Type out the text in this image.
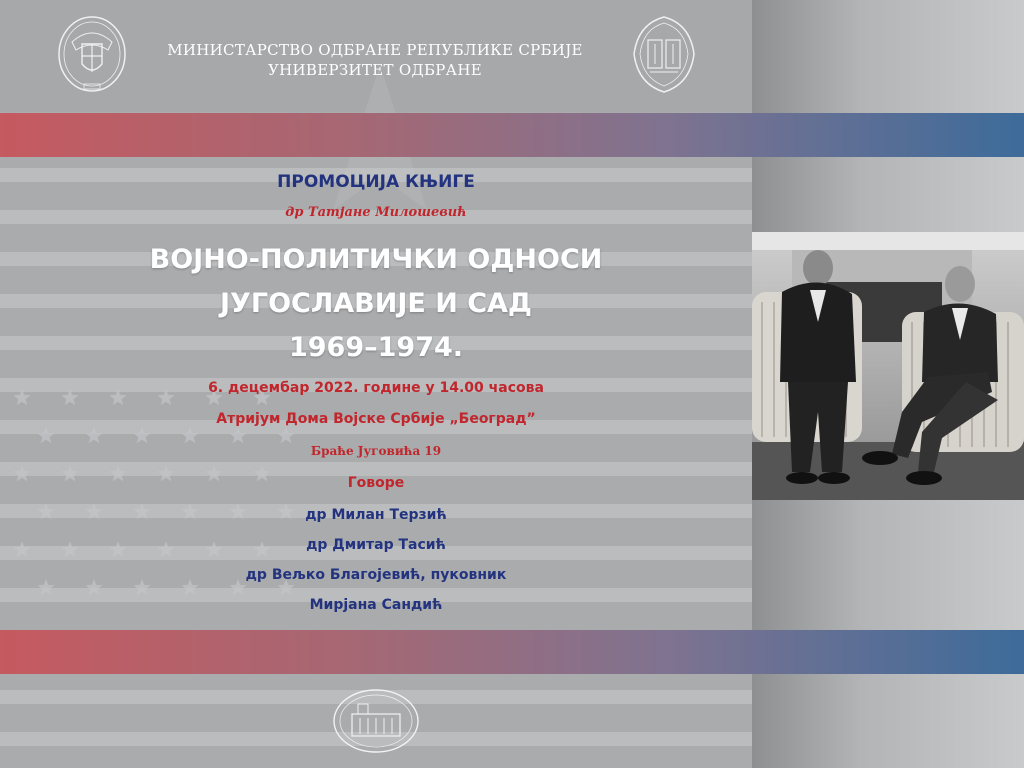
МИНИСТАРСТВО ОДБРАНЕ РЕПУБЛИКЕ СРБИЈЕ
УНИВЕРЗИТЕТ ОДБРАНЕ
ПРОМОЦИЈА КЊИГЕ
др Татјане Милошевић
ВОЈНО-ПОЛИТИЧКИ ОДНОСИ
ЈУГОСЛАВИЈЕ И САД
1969–1974.
6. децембар 2022. године у 14.00 часова
Атријум Дома Војске Србије „Београд”
Браће Југовића 19
Говоре
др Милан Терзић
др Дмитар Тасић
др Вељко Благојевић, пуковник
Мирјана Сандић
